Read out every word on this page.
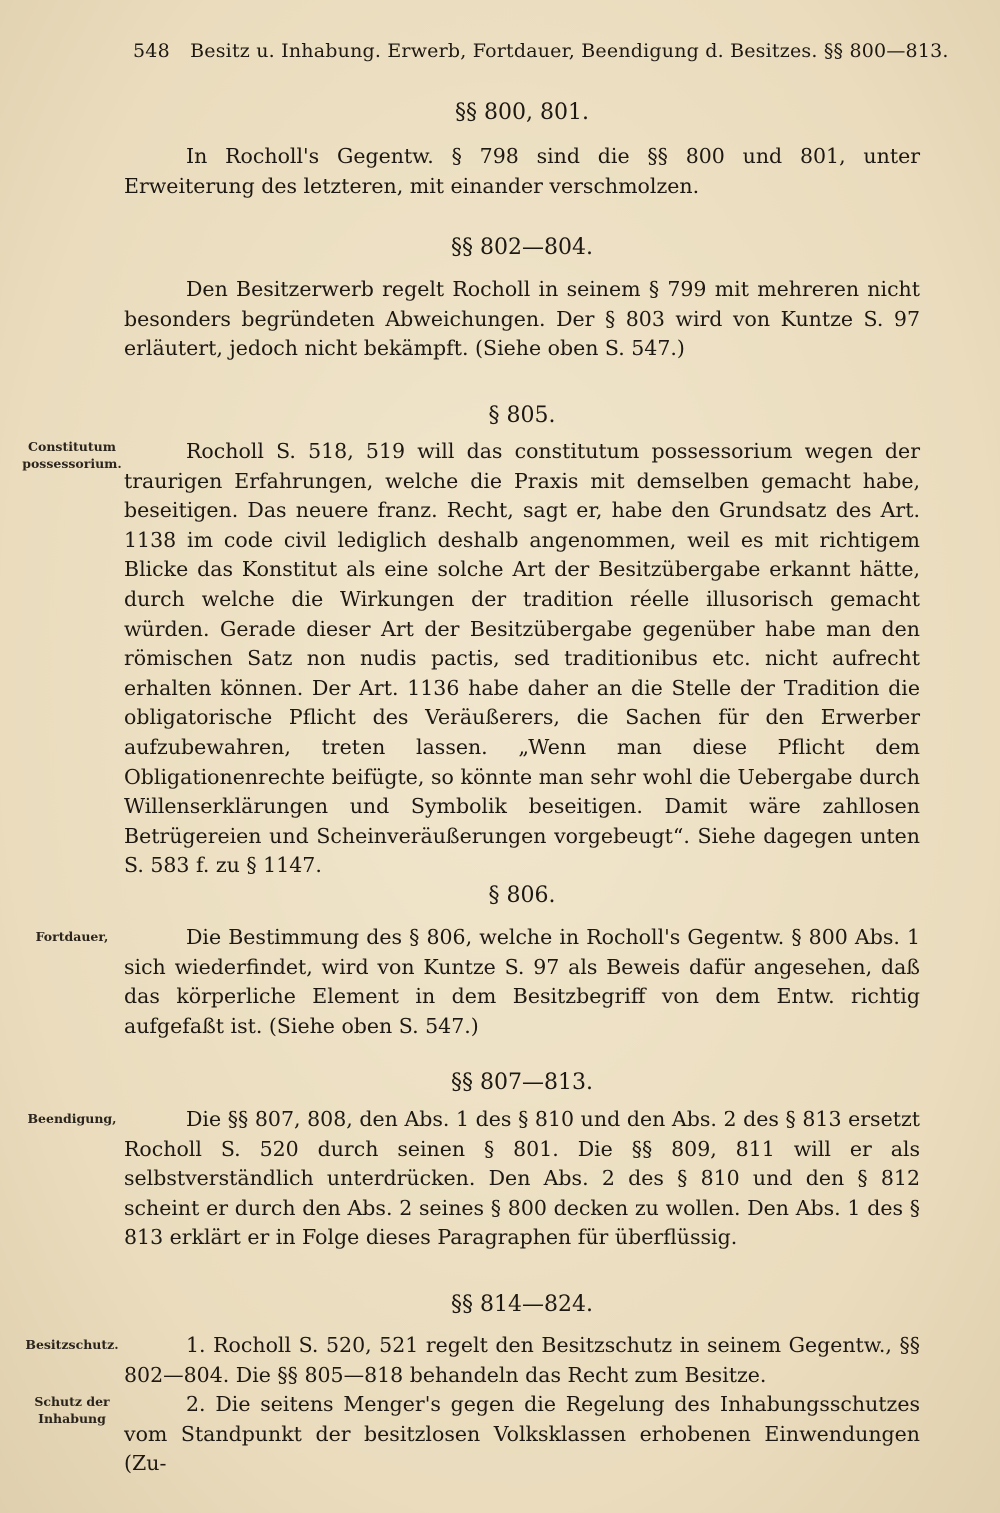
548 Besitz u. Inhabung. Erwerb, Fortdauer, Beendigung d. Besitzes. §§ 800—813.
§§ 800, 801.

In Rocholl's Gegentw. § 798 sind die §§ 800 und 801, unter Erweiterung des letzteren, mit einander verschmolzen.

§§ 802—804.

Den Besitzerwerb regelt Rocholl in seinem § 799 mit mehreren nicht besonders begründeten Abweichungen. Der § 803 wird von Kuntze S. 97 erläutert, jedoch nicht bekämpft. (Siehe oben S. 547.)

§ 805.
Constitutum possessorium.

Rocholl S. 518, 519 will das constitutum possessorium wegen der traurigen Erfahrungen, welche die Praxis mit demselben gemacht habe, beseitigen. Das neuere franz. Recht, sagt er, habe den Grundsatz des Art. 1138 im code civil lediglich deshalb angenommen, weil es mit richtigem Blicke das Konstitut als eine solche Art der Besitzübergabe erkannt hätte, durch welche die Wirkungen der tradition réelle illusorisch gemacht würden. Gerade dieser Art der Besitzübergabe gegenüber habe man den römischen Satz non nudis pactis, sed traditionibus etc. nicht aufrecht erhalten können. Der Art. 1136 habe daher an die Stelle der Tradition die obligatorische Pflicht des Veräußerers, die Sachen für den Erwerber aufzubewahren, treten lassen. „Wenn man diese Pflicht dem Obligationenrechte beifügte, so könnte man sehr wohl die Uebergabe durch Willenserklärungen und Symbolik beseitigen. Damit wäre zahllosen Betrügereien und Scheinveräußerungen vorgebeugt“. Siehe dagegen unten S. 583 f. zu § 1147.

§ 806.
Fortdauer,	Die Bestimmung des § 806, welche in Rocholl's Gegentw. § 800 Abs. 1 sich wiederfindet, wird von Kuntze S. 97 als Beweis dafür angesehen, daß das körperliche Element in dem Besitzbegriff von dem Entw. richtig aufgefaßt ist. (Siehe oben S. 547.)

§§ 807—813.
Beendigung,	Die §§ 807, 808, den Abs. 1 des § 810 und den Abs. 2 des § 813 ersetzt Rocholl S. 520 durch seinen § 801. Die §§ 809, 811 will er als selbstverständlich unterdrücken. Den Abs. 2 des § 810 und den § 812 scheint er durch den Abs. 2 seines § 800 decken zu wollen. Den Abs. 1 des § 813 erklärt er in Folge dieses Paragraphen für überflüssig.

§§ 814—824.
Besitzschutz.
Schutz der Inhabung

1. Rocholl S. 520, 521 regelt den Besitzschutz in seinem Gegentw., §§ 802—804. Die §§ 805—818 behandeln das Recht zum Besitze.

2. Die seitens Menger's gegen die Regelung des Inhabungsschutzes vom Standpunkt der besitzlosen Volksklassen erhobenen Einwendungen (Zu-
